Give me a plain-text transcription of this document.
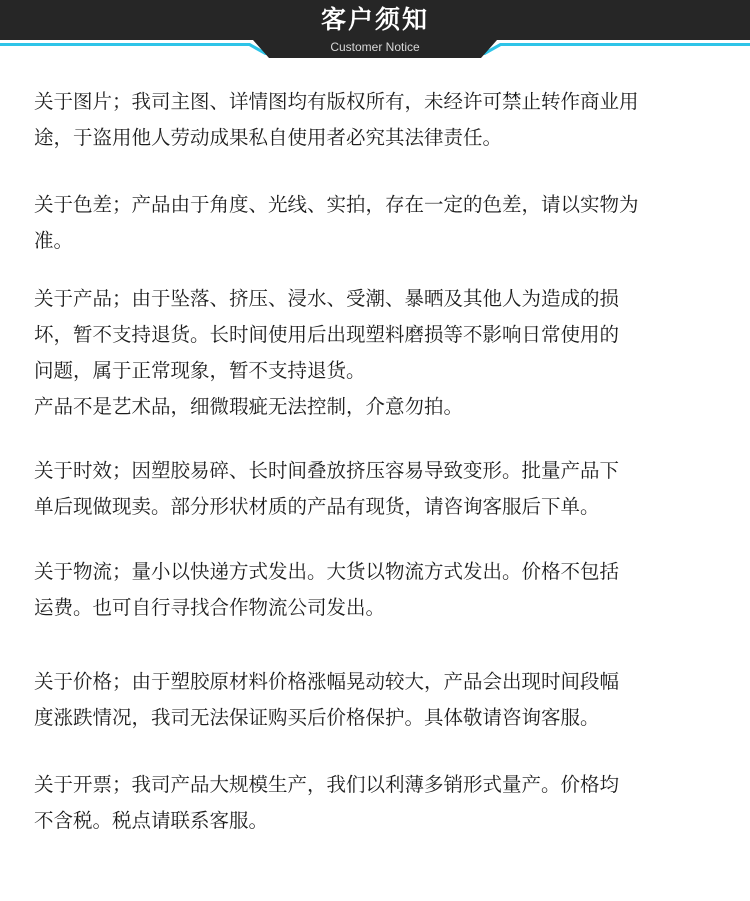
客户须知
Customer Notice

关于图片；我司主图、详情图均有版权所有，未经许可禁止转作商业用
途，于盗用他人劳动成果私自使用者必究其法律责任。

关于色差；产品由于角度、光线、实拍，存在一定的色差，请以实物为
准。

关于产品；由于坠落、挤压、浸水、受潮、暴晒及其他人为造成的损
坏，暂不支持退货。长时间使用后出现塑料磨损等不影响日常使用的
问题，属于正常现象，暂不支持退货。
产品不是艺术品，细微瑕疵无法控制，介意勿拍。

关于时效；因塑胶易碎、长时间叠放挤压容易导致变形。批量产品下
单后现做现卖。部分形状材质的产品有现货，请咨询客服后下单。

关于物流；量小以快递方式发出。大货以物流方式发出。价格不包括
运费。也可自行寻找合作物流公司发出。

关于价格；由于塑胶原材料价格涨幅晃动较大，产品会出现时间段幅
度涨跌情况，我司无法保证购买后价格保护。具体敬请咨询客服。

关于开票；我司产品大规模生产，我们以利薄多销形式量产。价格均
不含税。税点请联系客服。
